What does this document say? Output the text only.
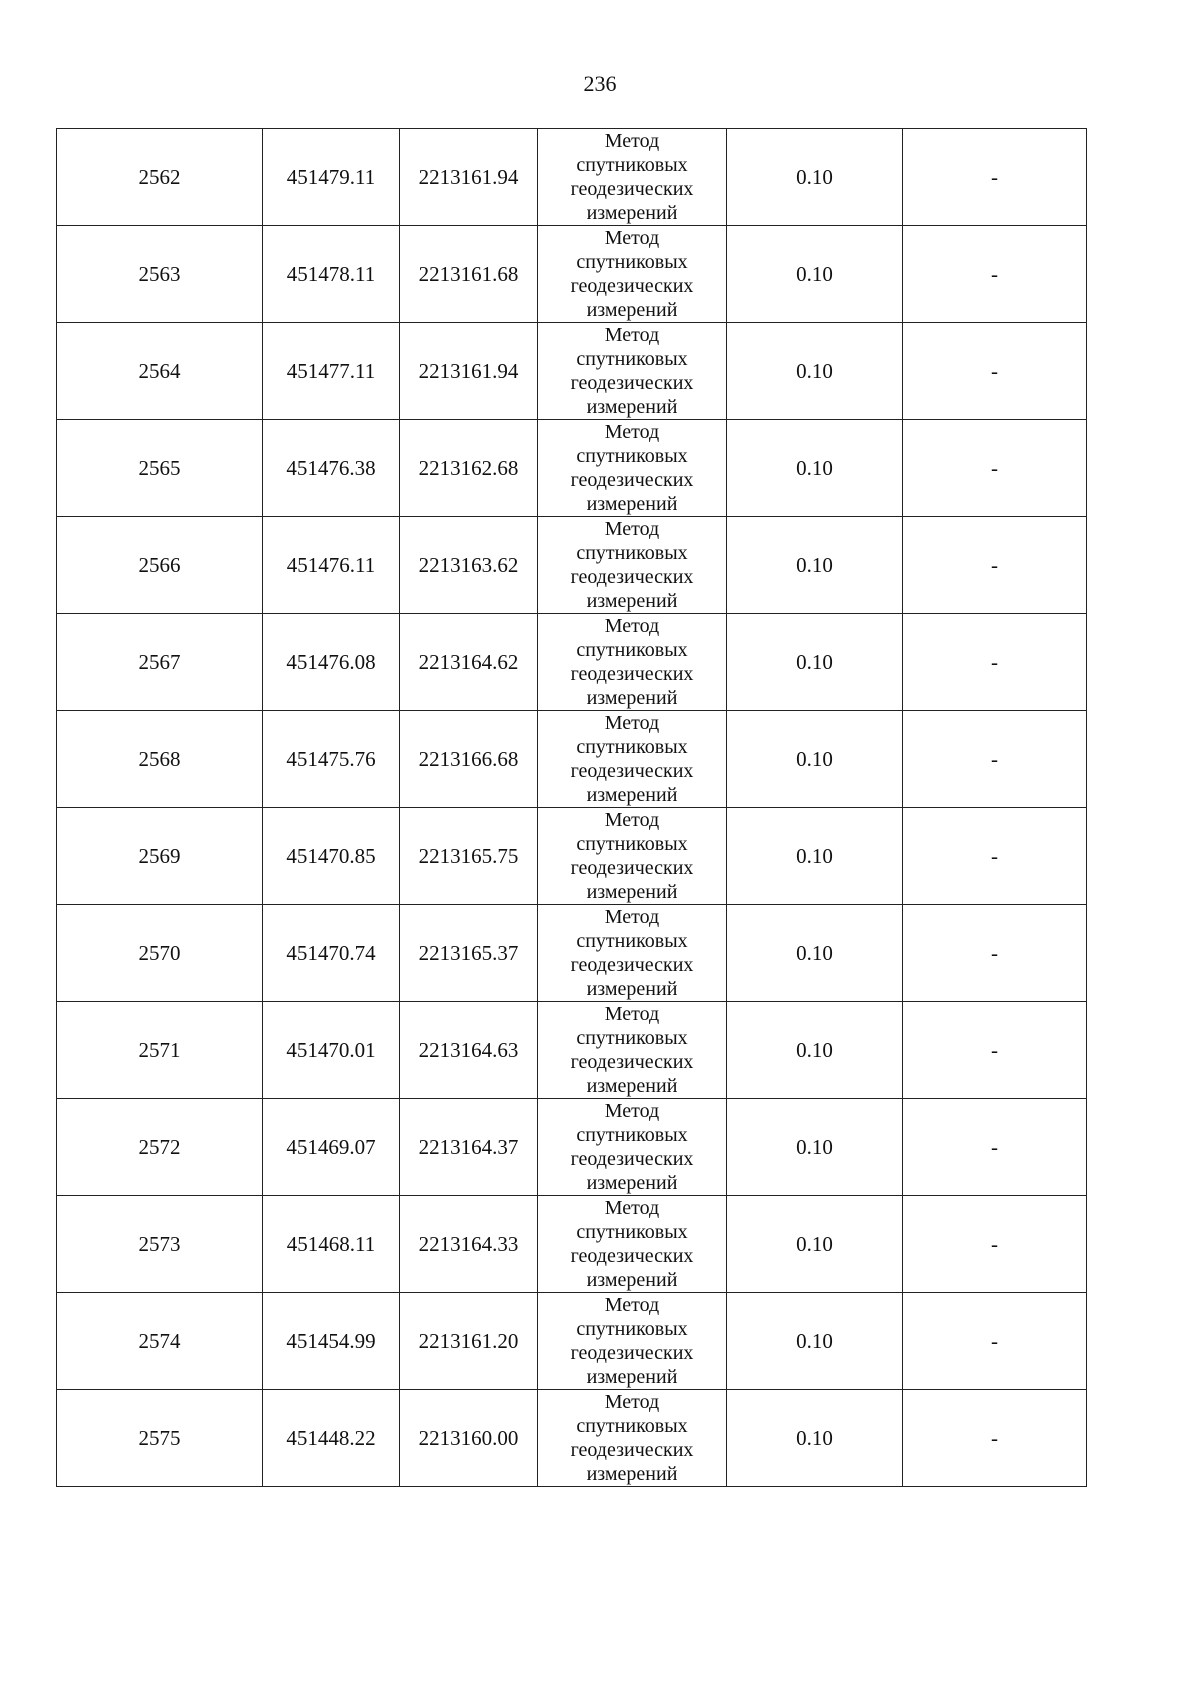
236
2562	451479.11	2213161.94	Метод
спутниковых
геодезических
измерений	0.10	-
2563	451478.11	2213161.68	Метод
спутниковых
геодезических
измерений	0.10	-
2564	451477.11	2213161.94	Метод
спутниковых
геодезических
измерений	0.10	-
2565	451476.38	2213162.68	Метод
спутниковых
геодезических
измерений	0.10	-
2566	451476.11	2213163.62	Метод
спутниковых
геодезических
измерений	0.10	-
2567	451476.08	2213164.62	Метод
спутниковых
геодезических
измерений	0.10	-
2568	451475.76	2213166.68	Метод
спутниковых
геодезических
измерений	0.10	-
2569	451470.85	2213165.75	Метод
спутниковых
геодезических
измерений	0.10	-
2570	451470.74	2213165.37	Метод
спутниковых
геодезических
измерений	0.10	-
2571	451470.01	2213164.63	Метод
спутниковых
геодезических
измерений	0.10	-
2572	451469.07	2213164.37	Метод
спутниковых
геодезических
измерений	0.10	-
2573	451468.11	2213164.33	Метод
спутниковых
геодезических
измерений	0.10	-
2574	451454.99	2213161.20	Метод
спутниковых
геодезических
измерений	0.10	-
2575	451448.22	2213160.00	Метод
спутниковых
геодезических
измерений	0.10	-
